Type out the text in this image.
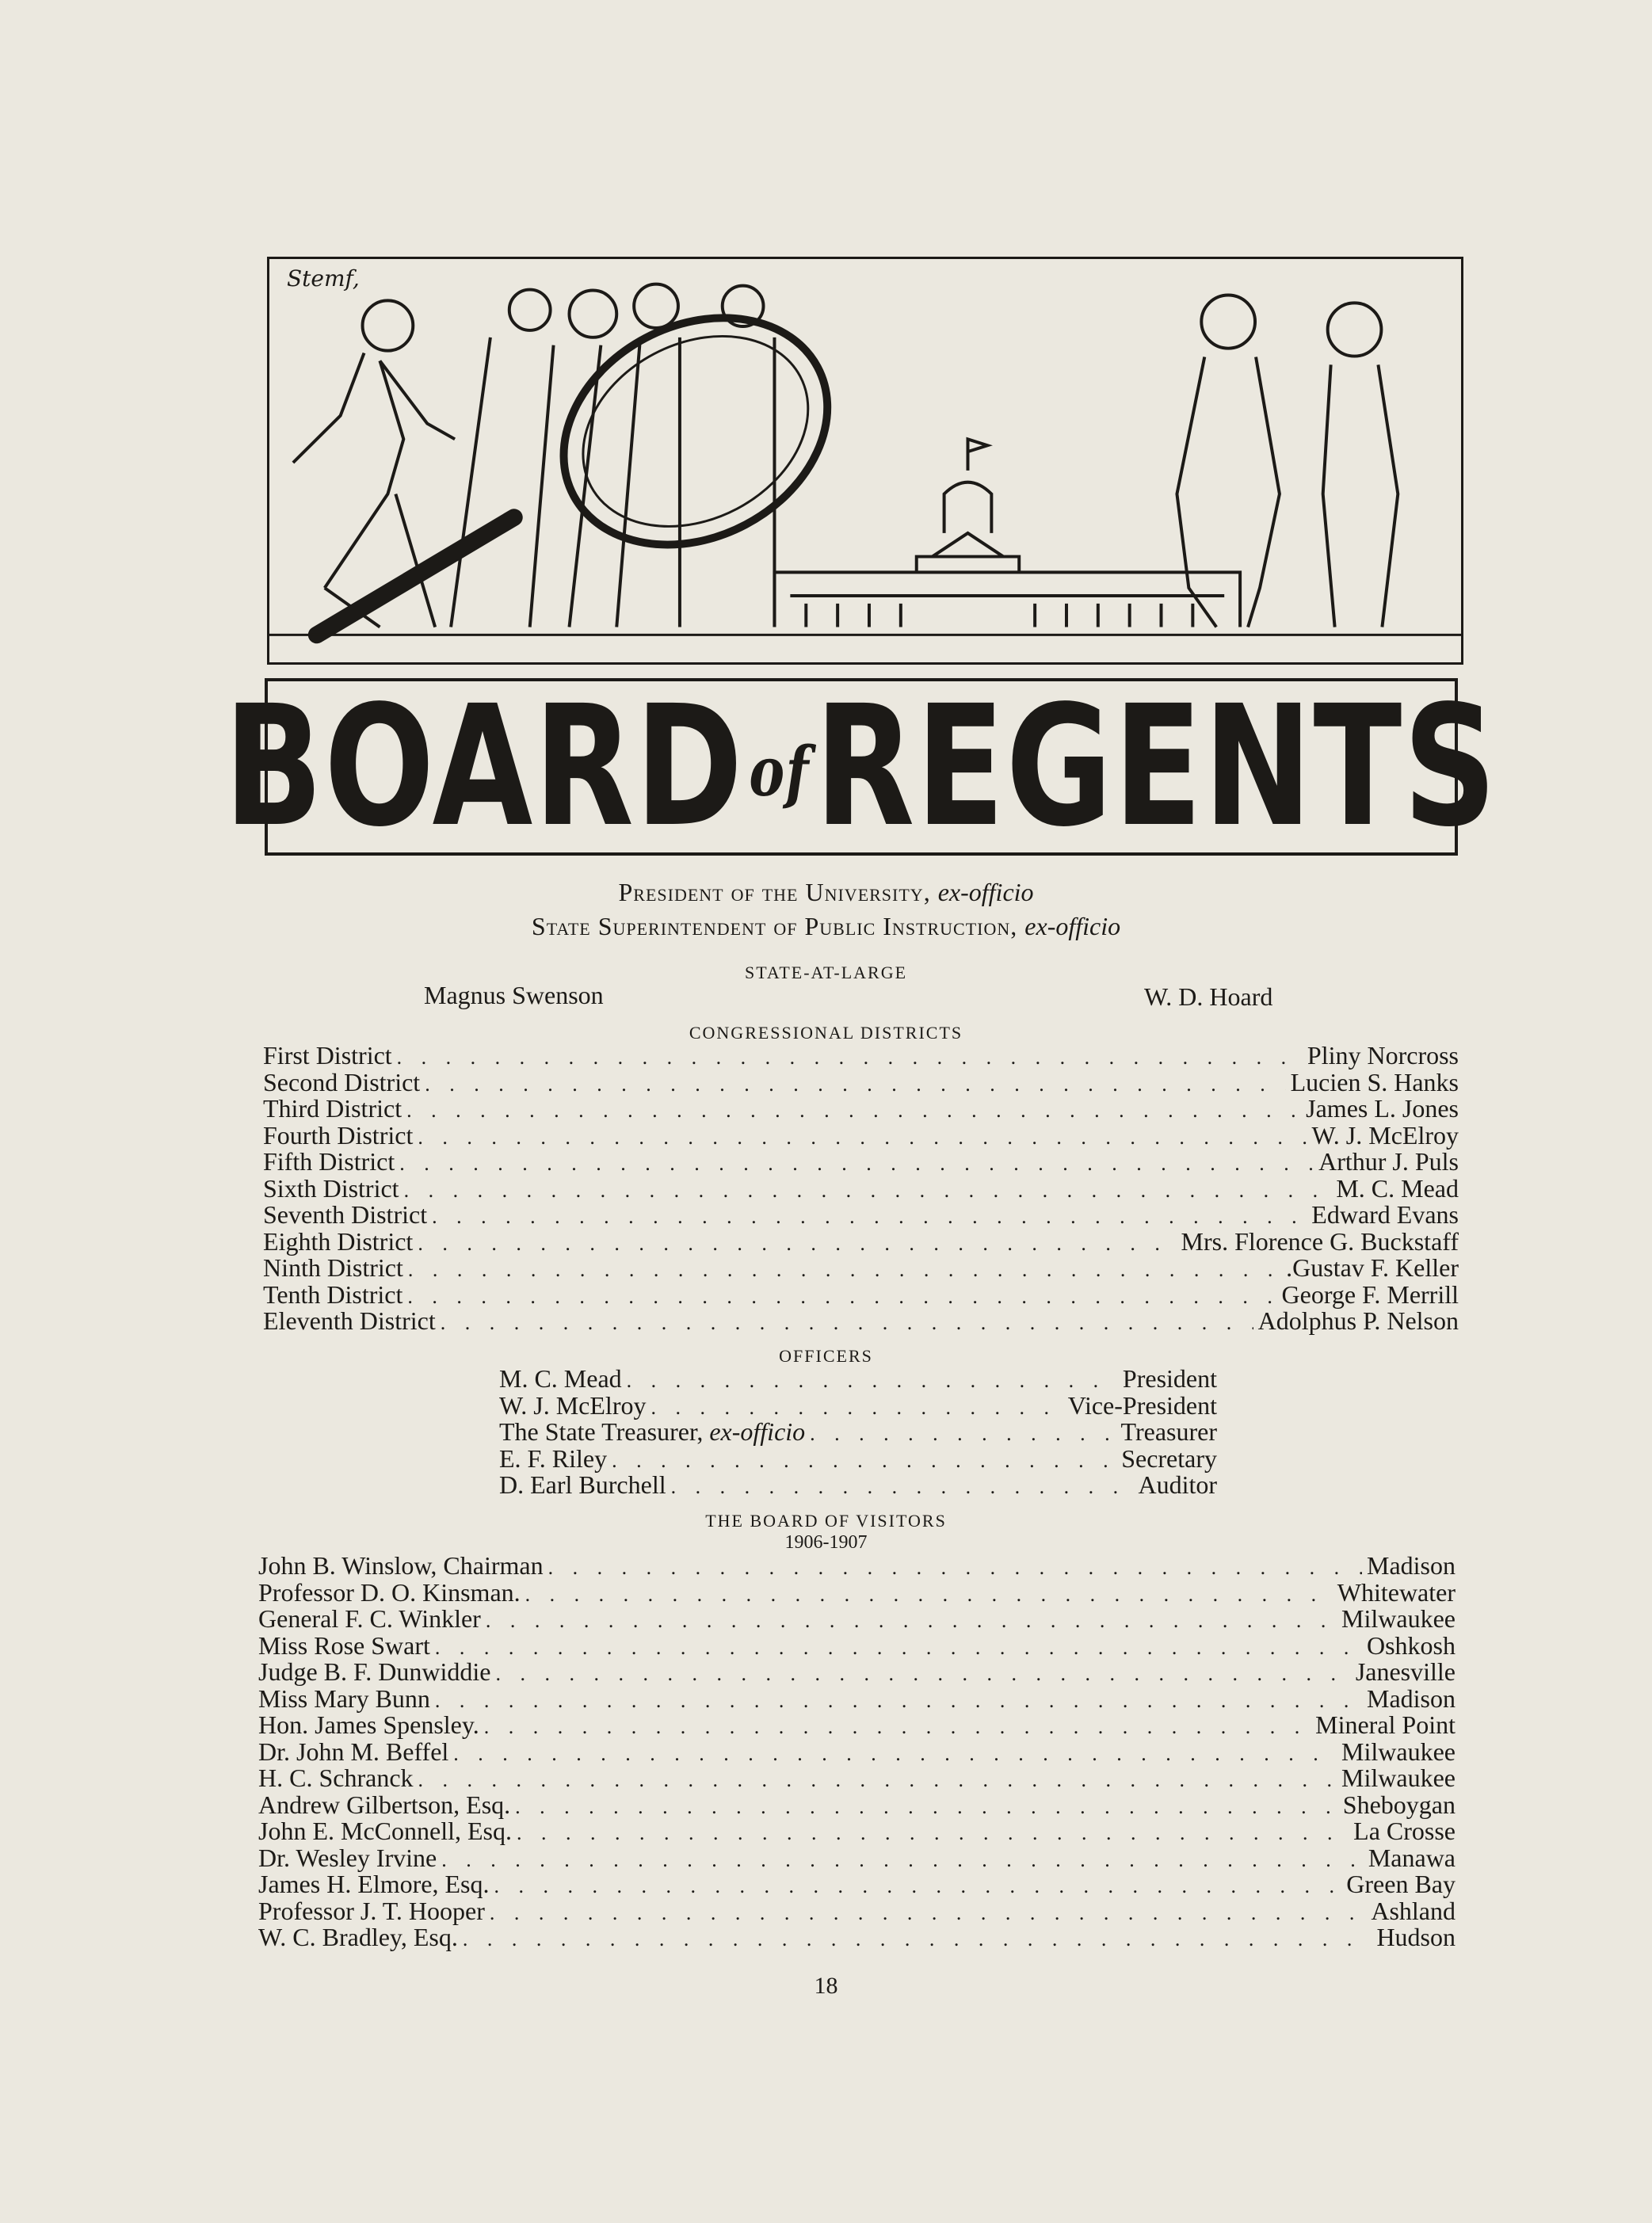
Stemf,
BOARDofREGENTS
President of the University, ex-officio
State Superintendent of Public Instruction, ex-officio
STATE-AT-LARGE
Magnus Swenson	W. D. Hoard
CONGRESSIONAL DISTRICTS
First District . . .	Pliny Norcross
Second District . . .	Lucien S. Hanks
Third District . . .	James L. Jones
Fourth District . . .	W. J. McElroy
Fifth District . . .	Arthur J. Puls
Sixth District . . .	M. C. Mead
Seventh District . . .	Edward Evans
Eighth District . . .	Mrs. Florence G. Buckstaff
Ninth District . . .	.Gustav F. Keller
Tenth District . . .	George F. Merrill
Eleventh District . . .	Adolphus P. Nelson
OFFICERS
M. C. Mead . . .	President
W. J. McElroy . . .	Vice-President
The State Treasurer, ex-officio . . .	Treasurer
E. F. Riley . . .	Secretary
D. Earl Burchell . . .	Auditor
THE BOARD OF VISITORS
1906-1907
John B. Winslow, Chairman . . .	Madison
Professor D. O. Kinsman. . . .	Whitewater
General F. C. Winkler . . .	Milwaukee
Miss Rose Swart . . .	Oshkosh
Judge B. F. Dunwiddie . . .	Janesville
Miss Mary Bunn . . .	Madison
Hon. James Spensley. . . .	Mineral Point
Dr. John M. Beffel . . .	Milwaukee
H. C. Schranck . . .	Milwaukee
Andrew Gilbertson, Esq. . . .	Sheboygan
John E. McConnell, Esq. . . .	La Crosse
Dr. Wesley Irvine . . .	Manawa
James H. Elmore, Esq. . . .	Green Bay
Professor J. T. Hooper . . .	Ashland
W. C. Bradley, Esq. . . .	Hudson
18
